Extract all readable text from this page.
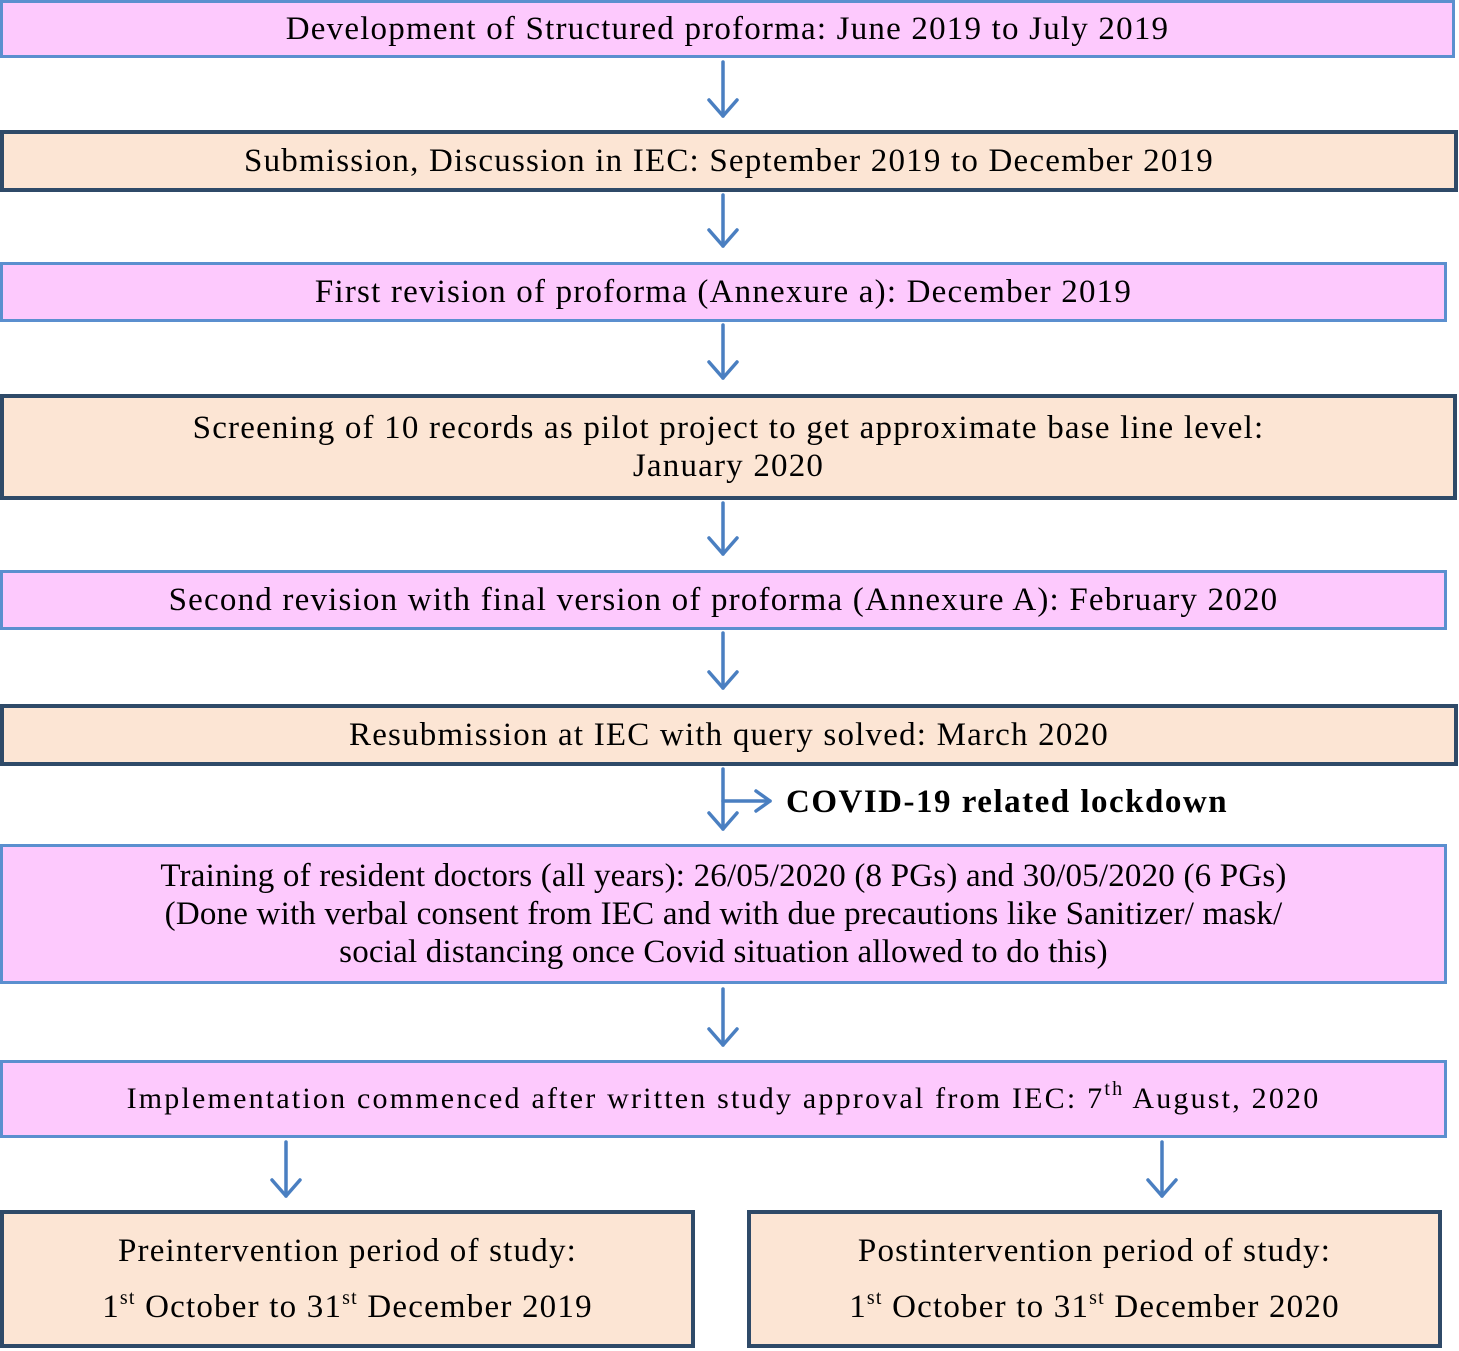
Development of Structured proforma: June 2019 to July 2019
Submission, Discussion in IEC: September 2019 to December 2019
First revision of proforma (Annexure a): December 2019
Screening of 10 records as pilot project to get approximate base line level:
January 2020
Second revision with final version of proforma (Annexure A): February 2020
Resubmission at IEC with query solved: March 2020
COVID-19 related lockdown
Training of resident doctors (all years): 26/05/2020 (8 PGs) and 30/05/2020 (6 PGs)
(Done with verbal consent from IEC and with due precautions like Sanitizer/ mask/
social distancing once Covid situation allowed to do this)
Implementation commenced after written study approval from IEC: 7th August, 2020
Preintervention period of study:
1st October to 31st December 2019
Postintervention period of study:
1st October to 31st December 2020
